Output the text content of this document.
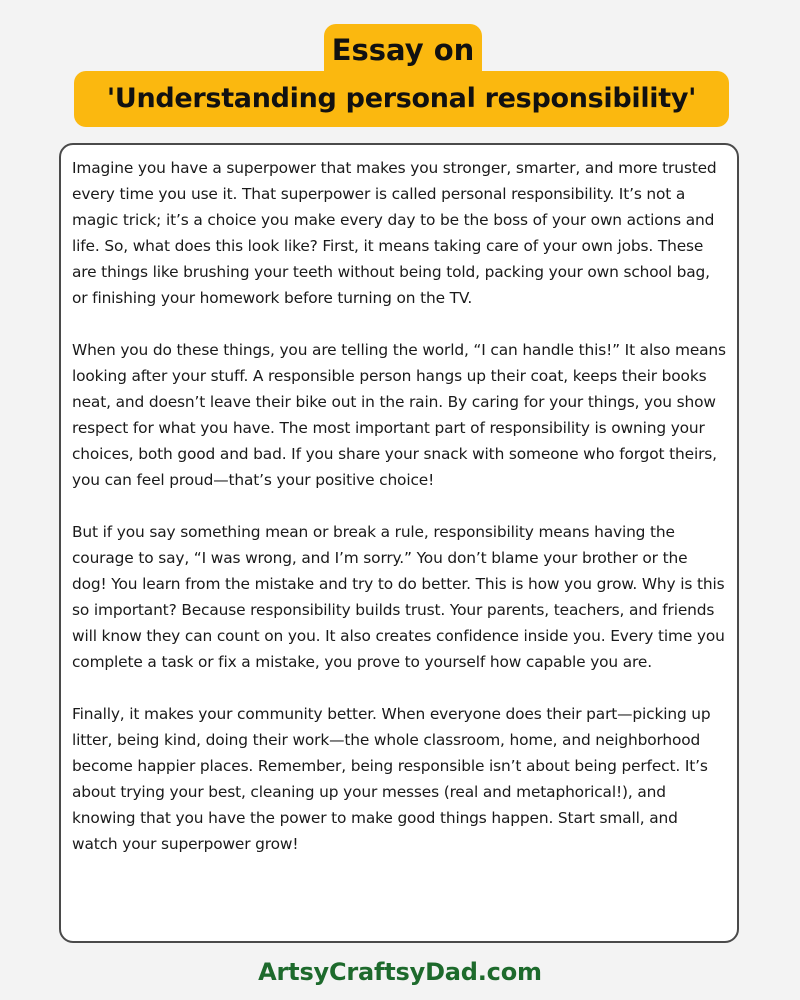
Essay on
'Understanding personal responsibility'

Imagine you have a superpower that makes you stronger, smarter, and more trusted every time you use it. That superpower is called personal responsibility. It’s not a magic trick; it’s a choice you make every day to be the boss of your own actions and life. So, what does this look like? First, it means taking care of your own jobs. These are things like brushing your teeth without being told, packing your own school bag, or finishing your homework before turning on the TV.

When you do these things, you are telling the world, “I can handle this!” It also means looking after your stuff. A responsible person hangs up their coat, keeps their books neat, and doesn’t leave their bike out in the rain. By caring for your things, you show respect for what you have. The most important part of responsibility is owning your choices, both good and bad. If you share your snack with someone who forgot theirs, you can feel proud—that’s your positive choice!

But if you say something mean or break a rule, responsibility means having the courage to say, “I was wrong, and I’m sorry.” You don’t blame your brother or the dog! You learn from the mistake and try to do better. This is how you grow. Why is this so important? Because responsibility builds trust. Your parents, teachers, and friends will know they can count on you. It also creates confidence inside you. Every time you complete a task or fix a mistake, you prove to yourself how capable you are.

Finally, it makes your community better. When everyone does their part—picking up litter, being kind, doing their work—the whole classroom, home, and neighborhood become happier places. Remember, being responsible isn’t about being perfect. It’s about trying your best, cleaning up your messes (real and metaphorical!), and knowing that you have the power to make good things happen. Start small, and watch your superpower grow!

ArtsyCraftsyDad.com
